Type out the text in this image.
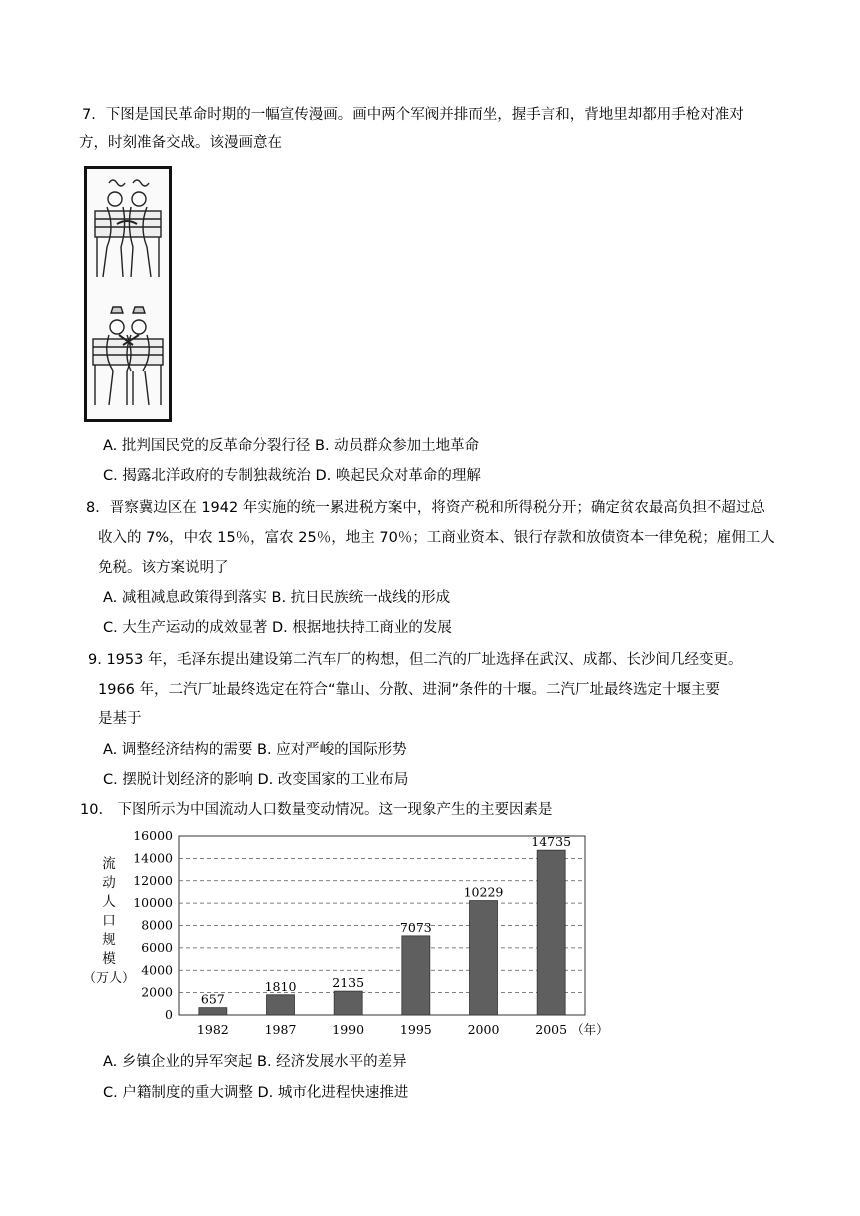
7．下图是国民革命时期的一幅宣传漫画。画中两个军阀并排而坐，握手言和，背地里却都用手枪对准对
方，时刻准备交战。该漫画意在
A. 批判国民党的反革命分裂行径 B. 动员群众参加土地革命
C. 揭露北洋政府的专制独裁统治 D. 唤起民众对革命的理解
8．晋察冀边区在 1942 年实施的统一累进税方案中，将资产税和所得税分开；确定贫农最高负担不超过总
收入的 7%，中农 15％，富农 25％，地主 70％；工商业资本、银行存款和放债资本一律免税；雇佣工人
免税。该方案说明了
A. 减租减息政策得到落实 B. 抗日民族统一战线的形成
C. 大生产运动的成效显著 D. 根据地扶持工商业的发展
9. 1953 年，毛泽东提出建设第二汽车厂的构想，但二汽的厂址选择在武汉、成都、长沙间几经变更。
1966 年，二汽厂址最终选定在符合“靠山、分散、进洞”条件的十堰。二汽厂址最终选定十堰主要
是基于
A. 调整经济结构的需要 B. 应对严峻的国际形势
C. 摆脱计划经济的影响 D. 改变国家的工业布局
10． 下图所示为中国流动人口数量变动情况。这一现象产生的主要因素是
0
2000
4000
6000
8000
10000
12000
14000
16000
流
动
人
口
规
模
（万人）
657
1982
1810
1987
2135
1990
7073
1995
10229
2000
14735
2005 （年）
A. 乡镇企业的异军突起 B. 经济发展水平的差异
C. 户籍制度的重大调整 D. 城市化进程快速推进
